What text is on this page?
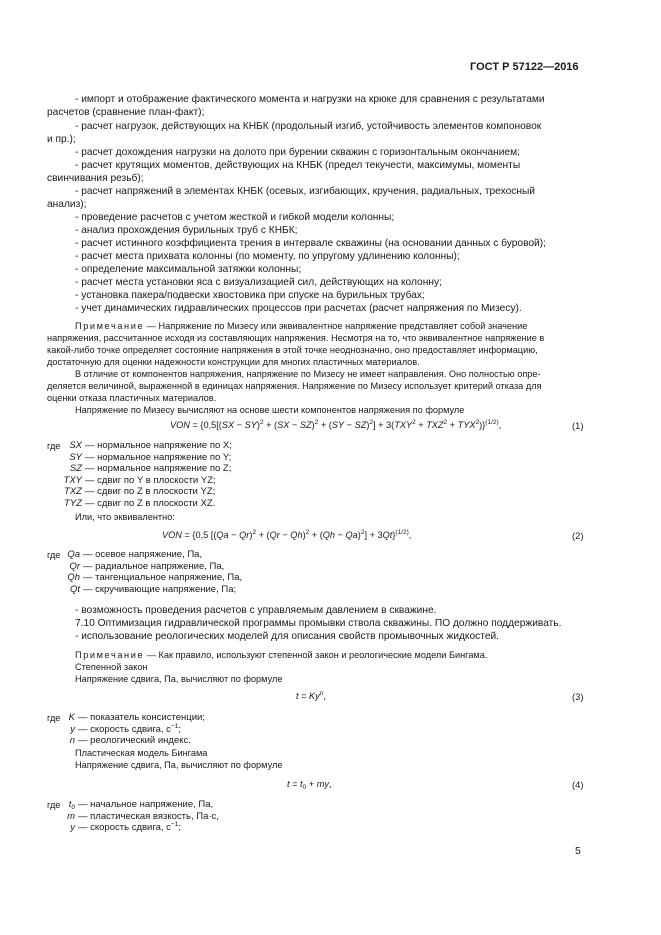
ГОСТ Р 57122—2016
- импорт и отображение фактического момента и нагрузки на крюке для сравнения с результатами
расчетов (сравнение план-факт);
- расчет нагрузок, действующих на КНБК (продольный изгиб, устойчивость элементов компоновок
и пр.);
- расчет дохождения нагрузки на долото при бурении скважин с горизонтальным окончанием;
- расчет крутящих моментов, действующих на КНБК (предел текучести, максимумы, моменты
свинчивания резьб);
- расчет напряжений в элементах КНБК (осевых, изгибающих, кручения, радиальных, трехосный
анализ);
- проведение расчетов с учетом жесткой и гибкой модели колонны;
- анализ прохождения бурильных труб с КНБК;
- расчет истинного коэффициента трения в интервале скважины (на основании данных с буровой);
- расчет места прихвата колонны (по моменту, по упругому удлинению колонны);
- определение максимальной затяжки колонны;
- расчет места установки яса с визуализацией сил, действующих на колонну;
- установка пакера/подвески хвостовика при спуске на бурильных трубах;
- учет динамических гидравлических процессов при расчетах (расчет напряжения по Мизесу).
Примечание — Напряжение по Мизесу или эквивалентное напряжение представляет собой значение
напряжения, рассчитанное исходя из составляющих напряжения. Несмотря на то, что эквивалентное напряжение в
какой-либо точке определяет состояние напряжения в этой точке неоднозначно, оно предоставляет информацию,
достаточную для оценки надежности конструкции для многих пластичных материалов.
В отличие от компонентов напряжения, напряжение по Мизесу не имеет направления. Оно полностью опре-
деляется величиной, выраженной в единицах напряжения. Напряжение по Мизесу использует критерий отказа для
оценки отказа пластичных материалов.
Напряжение по Мизесу вычисляют на основе шести компонентов напряжения по формуле
VON = $\{0,5[(SX - SY)^2 + (SX - SZ)^2 + (SY - SZ)^2] + 3(TXY^2 + TXZ^2 + TYX^2)\}^{(1/2)}$,	(1)
где SX	— нормальное напряжение по X;
SY	— нормальное напряжение по Y;
SZ	— нормальное напряжение по Z;
TXY	— сдвиг по Y в плоскости YZ;
TXZ	— сдвиг по Z в плоскости YZ;
TYZ	— сдвиг по Z в плоскости XZ.
Или, что эквивалентно:
VON = {0,5 $[(Qa - Qr)^2 + (Qr - Qh)^2 + (Qh - Qa)^2] + 3Qt\}^{(1/2)}$,	(2)
где Qa	— осевое напряжение, Па,
Qr	— радиальное напряжение, Па,
Qh	— тангенциальное напряжение, Па,
Qt	— скручивающие напряжение, Па;
- возможность проведения расчетов с управляемым давлением в скважине.
7.10 Оптимизация гидравлической программы промывки ствола скважины. ПО должно поддерживать.
- использование реологических моделей для описания свойств промывочных жидкостей.
Примечание — Как правило, используют степенной закон и реологические модели Бингама.
Степенной закон
Напряжение сдвига, Па, вычисляют по формуле
$t = Ky^n$,	(3)
где K	— показатель консистенции;
y	— скорость сдвига, $с^{-1}$;
n	— реологический индекс.
Пластическая модель Бингама
Напряжение сдвига, Па, вычисляют по формуле
$t = t_0$ + my,	(4)
где $t_0$	— начальное напряжение, Па,
m	— пластическая вязкость, Па·с,
y	— скорость сдвига, $с^{-1}$;
5
